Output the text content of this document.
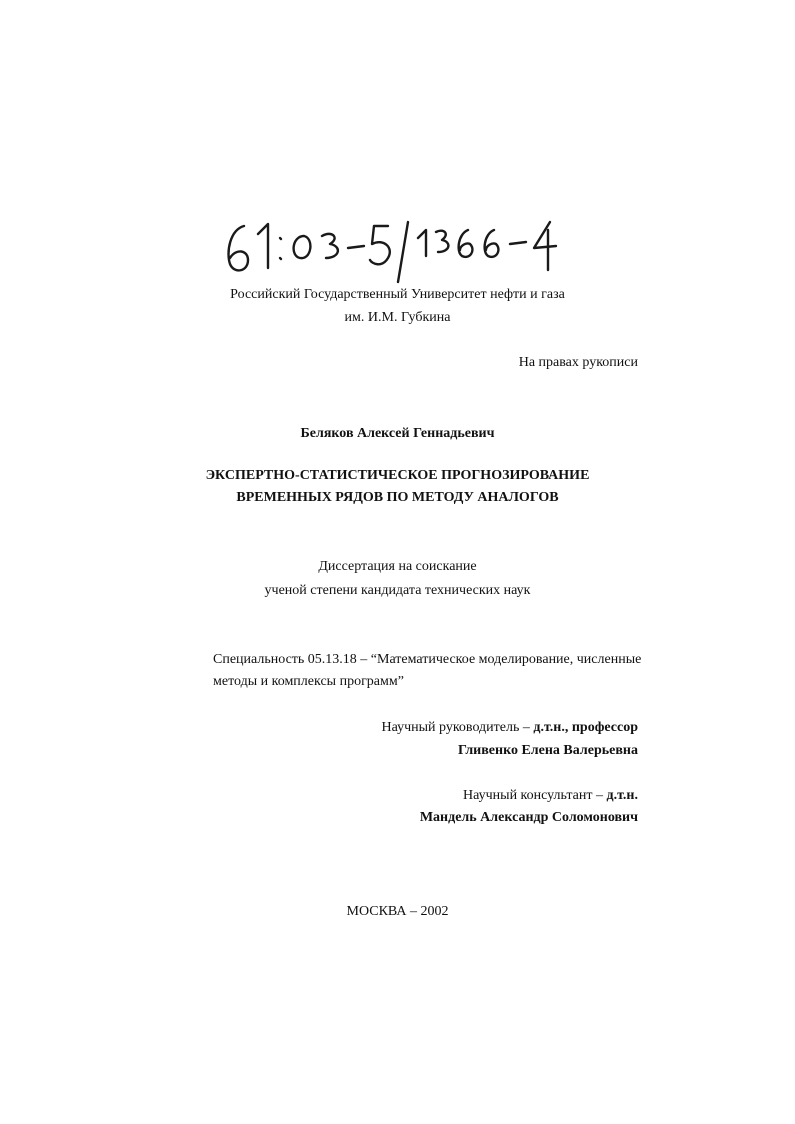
Российский Государственный Университет нефти и газа
им. И.М. Губкина
На правах рукописи
Беляков Алексей Геннадьевич
ЭКСПЕРТНО-СТАТИСТИЧЕСКОЕ ПРОГНОЗИРОВАНИЕ
ВРЕМЕННЫХ РЯДОВ ПО МЕТОДУ АНАЛОГОВ
Диссертация на соискание
ученой степени кандидата технических наук
Специальность 05.13.18 – “Математическое моделирование, численные
методы и комплексы программ”
Научный руководитель – д.т.н., профессор
Гливенко Елена Валерьевна
Научный консультант – д.т.н.
Мандель Александр Соломонович
МОСКВА – 2002
